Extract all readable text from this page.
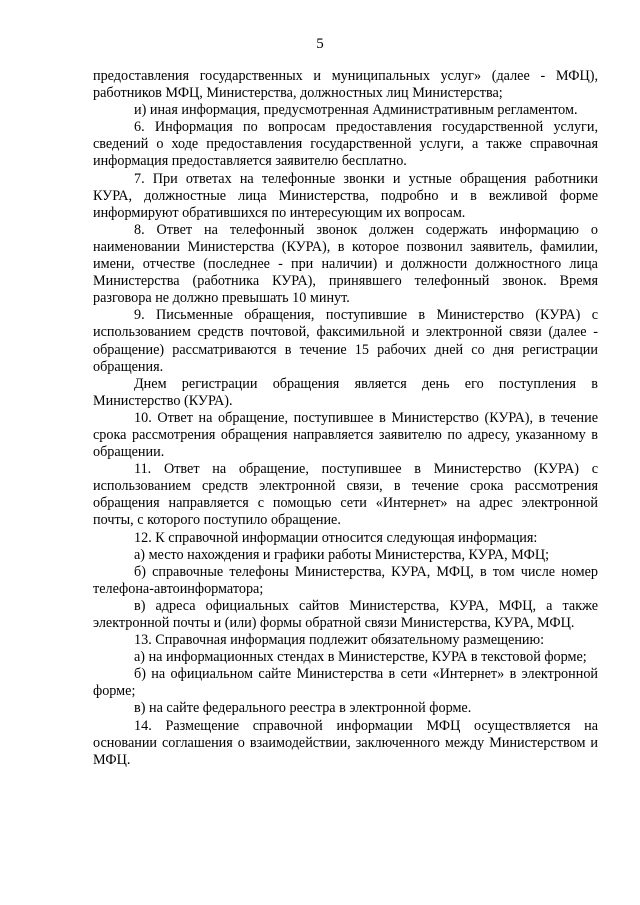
5

предоставления государственных и муниципальных услуг» (далее - МФЦ), работников МФЦ, Министерства, должностных лиц Министерства;

и) иная информация, предусмотренная Административным регламентом.

6. Информация по вопросам предоставления государственной услуги, сведений о ходе предоставления государственной услуги, а также справочная информация предоставляется заявителю бесплатно.

7. При ответах на телефонные звонки и устные обращения работники КУРА, должностные лица Министерства, подробно и в вежливой форме информируют обратившихся по интересующим их вопросам.

8. Ответ на телефонный звонок должен содержать информацию о наименовании Министерства (КУРА), в которое позвонил заявитель, фамилии, имени, отчестве (последнее - при наличии) и должности должностного лица Министерства (работника КУРА), принявшего телефонный звонок. Время разговора не должно превышать 10 минут.

9. Письменные обращения, поступившие в Министерство (КУРА) с использованием средств почтовой, факсимильной и электронной связи (далее - обращение) рассматриваются в течение 15 рабочих дней со дня регистрации обращения.

Днем регистрации обращения является день его поступления в Министерство (КУРА).

10. Ответ на обращение, поступившее в Министерство (КУРА), в течение срока рассмотрения обращения направляется заявителю по адресу, указанному в обращении.

11. Ответ на обращение, поступившее в Министерство (КУРА) с использованием средств электронной связи, в течение срока рассмотрения обращения направляется с помощью сети «Интернет» на адрес электронной почты, с которого поступило обращение.

12. К справочной информации относится следующая информация:

а) место нахождения и графики работы Министерства, КУРА, МФЦ;

б) справочные телефоны Министерства, КУРА, МФЦ, в том числе номер телефона-автоинформатора;

в) адреса официальных сайтов Министерства, КУРА, МФЦ, а также электронной почты и (или) формы обратной связи Министерства, КУРА, МФЦ.

13. Справочная информация подлежит обязательному размещению:

а) на информационных стендах в Министерстве, КУРА в текстовой форме;

б) на официальном сайте Министерства в сети «Интернет» в электронной форме;

в) на сайте федерального реестра в электронной форме.

14. Размещение справочной информации МФЦ осуществляется на основании соглашения о взаимодействии, заключенного между Министерством и МФЦ.
